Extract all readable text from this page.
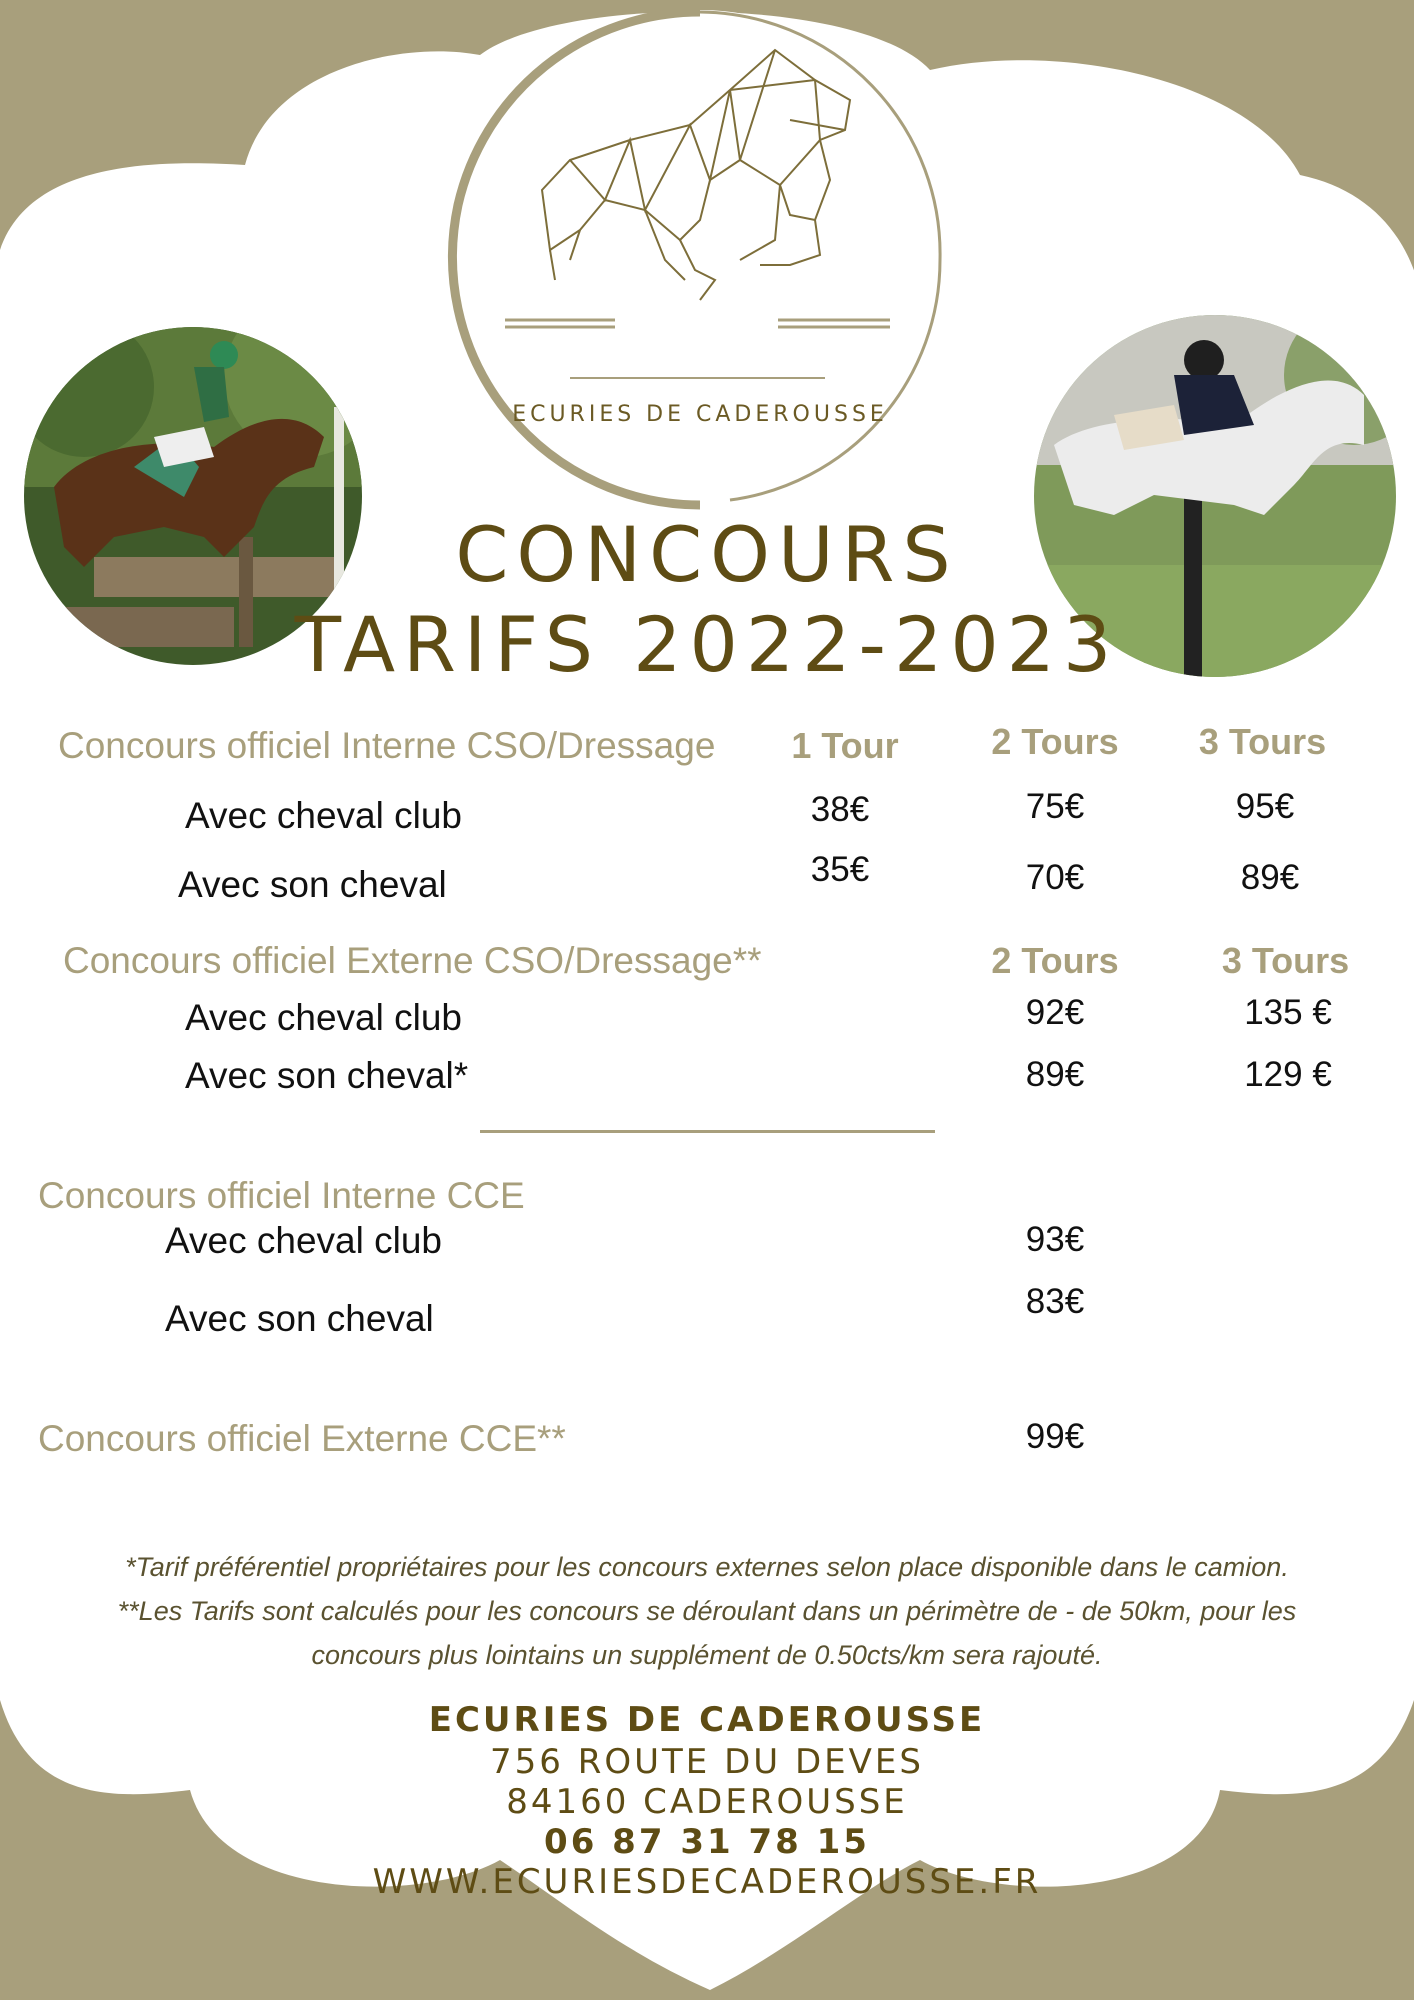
ECURIES DE CADEROUSSE
CONCOURS
TARIFS 2022-2023
Concours officiel Interne CSO/Dressage	1 Tour	2 Tours	3 Tours
Avec cheval club	38€	75€	95€
Avec son cheval	35€	70€	89€
Concours officiel Externe CSO/Dressage**	2 Tours	3 Tours
Avec cheval club	92€	135 €
Avec son cheval*	89€	129 €
Concours officiel Interne CCE
Avec cheval club	93€
Avec son cheval	83€
Concours officiel Externe CCE**	99€
*Tarif préférentiel propriétaires pour les concours externes selon place disponible dans le camion.
**Les Tarifs sont calculés pour les concours se déroulant dans un périmètre de - de 50km, pour les
concours plus lointains un supplément de 0.50cts/km sera rajouté.
ECURIES DE CADEROUSSE
756 ROUTE DU DEVES
84160 CADEROUSSE
06 87 31 78 15
WWW.ECURIESDECADEROUSSE.FR
